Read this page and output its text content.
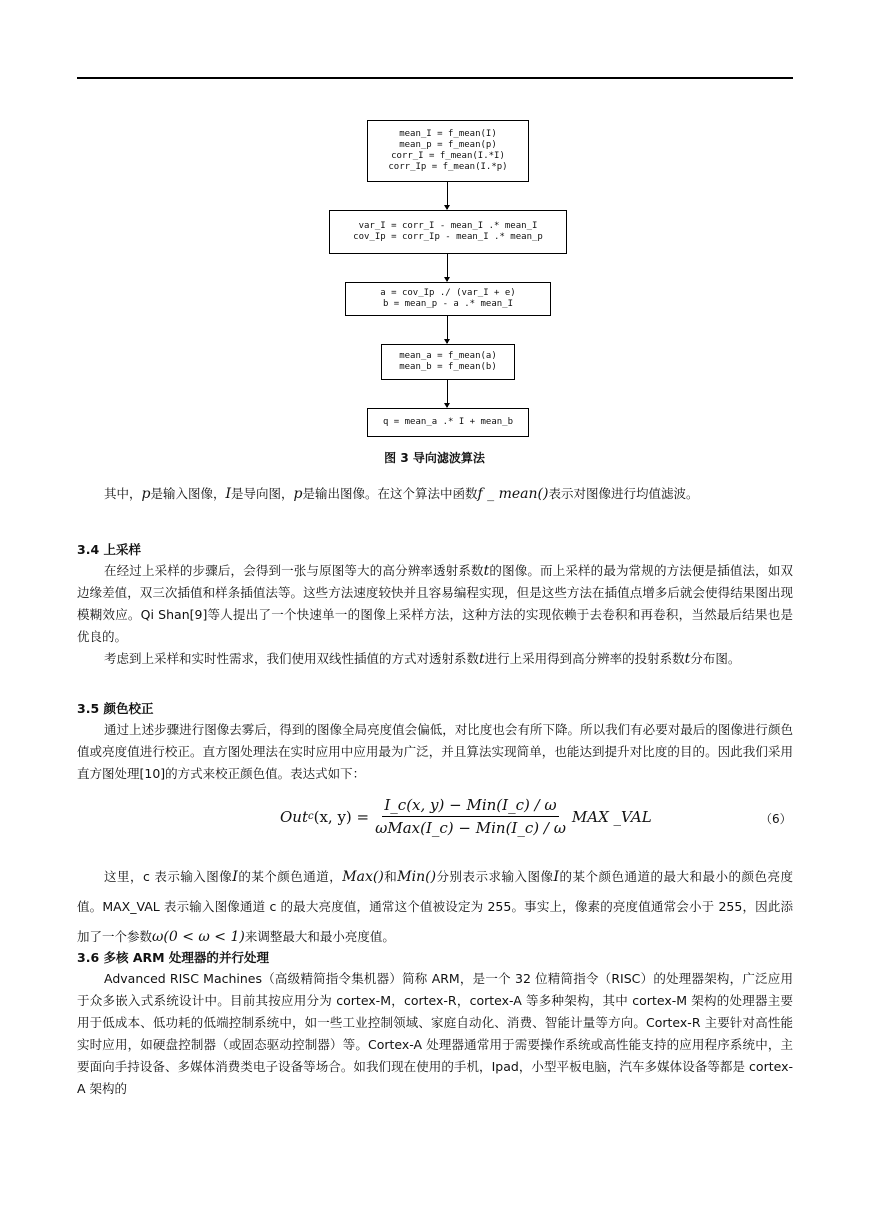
mean_I = f_mean(I)
mean_p = f_mean(p)
corr_I = f_mean(I.*I)
corr_Ip = f_mean(I.*p)
var_I = corr_I - mean_I .* mean_I
cov_Ip = corr_Ip - mean_I .* mean_p
a = cov_Ip ./ (var_I + e)
b = mean_p - a .* mean_I
mean_a = f_mean(a)
mean_b = f_mean(b)
q = mean_a .* I + mean_b
图 3 导向滤波算法

其中，p是输入图像，I是导向图，p是输出图像。在这个算法中函数f _ mean()表示对图像进行均值滤波。

3.4 上采样

在经过上采样的步骤后，会得到一张与原图等大的高分辨率透射系数t的图像。而上采样的最为常规的方法便是插值法，如双边缘差值，双三次插值和样条插值法等。这些方法速度较快并且容易编程实现，但是这些方法在插值点增多后就会使得结果图出现模糊效应。Qi Shan[9]等人提出了一个快速单一的图像上采样方法，这种方法的实现依赖于去卷积和再卷积，当然最后结果也是优良的。

考虑到上采样和实时性需求，我们使用双线性插值的方式对透射系数t进行上采用得到高分辨率的投射系数t分布图。

3.5 颜色校正

通过上述步骤进行图像去雾后，得到的图像全局亮度值会偏低，对比度也会有所下降。所以我们有必要对最后的图像进行颜色值或亮度值进行校正。直方图处理法在实时应用中应用最为广泛，并且算法实现简单，也能达到提升对比度的目的。因此我们采用直方图处理[10]的方式来校正颜色值。表达式如下：

Out c (x, $y) = \frac{\text{I\_c(x, y) − Min(I\_c) / ω}}{\text{ωMax(I\_c) − Min(I\_c) / ω}}$ MAX _VAL	（6）

这里，c 表示输入图像I的某个颜色通道，Max()和Min()分别表示求输入图像I的某个颜色通道的最大和最小的颜色亮度值。MAX_VAL 表示输入图像通道 c 的最大亮度值，通常这个值被设定为 255。事实上，像素的亮度值通常会小于 255，因此添加了一个参数ω(0 < ω < 1)来调整最大和最小亮度值。

3.6 多核 ARM 处理器的并行处理

Advanced RISC Machines（高级精简指令集机器）简称 ARM，是一个 32 位精简指令（RISC）的处理器架构，广泛应用于众多嵌入式系统设计中。目前其按应用分为 cortex-M，cortex-R，cortex-A 等多种架构，其中 cortex-M 架构的处理器主要用于低成本、低功耗的低端控制系统中，如一些工业控制领域、家庭自动化、消费、智能计量等方向。Cortex-R 主要针对高性能实时应用，如硬盘控制器（或固态驱动控制器）等。Cortex-A 处理器通常用于需要操作系统或高性能支持的应用程序系统中，主要面向手持设备、多媒体消费类电子设备等场合。如我们现在使用的手机，Ipad，小型平板电脑，汽车多媒体设备等都是 cortex-A 架构的
